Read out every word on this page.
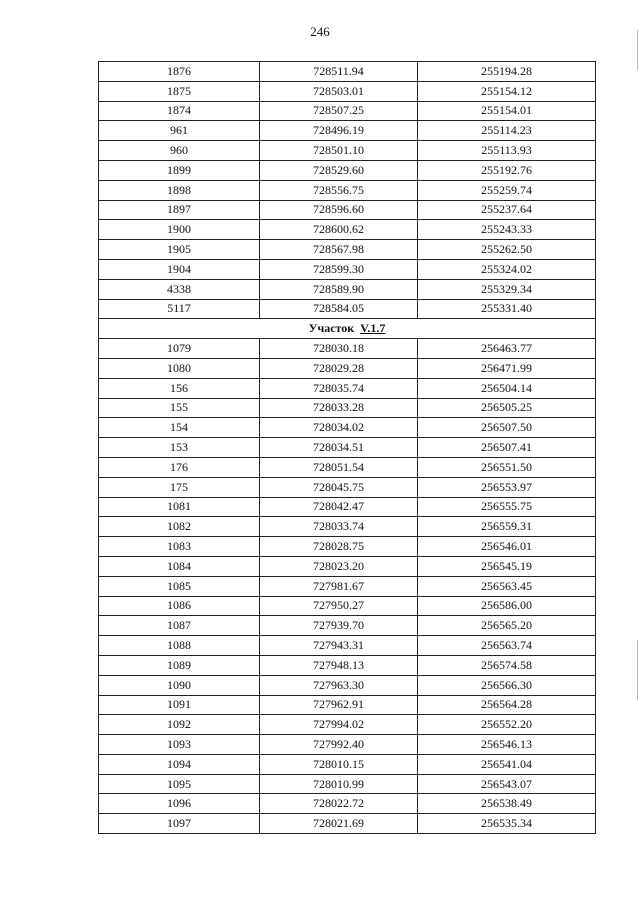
246
1876	728511.94	255194.28
1875	728503.01	255154.12
1874	728507.25	255154.01
961	728496.19	255114.23
960	728501.10	255113.93
1899	728529.60	255192.76
1898	728556.75	255259.74
1897	728596.60	255237.64
1900	728600.62	255243.33
1905	728567.98	255262.50
1904	728599.30	255324.02
4338	728589.90	255329.34
5117	728584.05	255331.40
Участок V.1.7		
1079	728030.18	256463.77
1080	728029.28	256471.99
156	728035.74	256504.14
155	728033.28	256505.25
154	728034.02	256507.50
153	728034.51	256507.41
176	728051.54	256551.50
175	728045.75	256553.97
1081	728042.47	256555.75
1082	728033.74	256559.31
1083	728028.75	256546.01
1084	728023.20	256545.19
1085	727981.67	256563.45
1086	727950.27	256586.00
1087	727939.70	256565.20
1088	727943.31	256563.74
1089	727948.13	256574.58
1090	727963.30	256566.30
1091	727962.91	256564.28
1092	727994.02	256552.20
1093	727992.40	256546.13
1094	728010.15	256541.04
1095	728010.99	256543.07
1096	728022.72	256538.49
1097	728021.69	256535.34
